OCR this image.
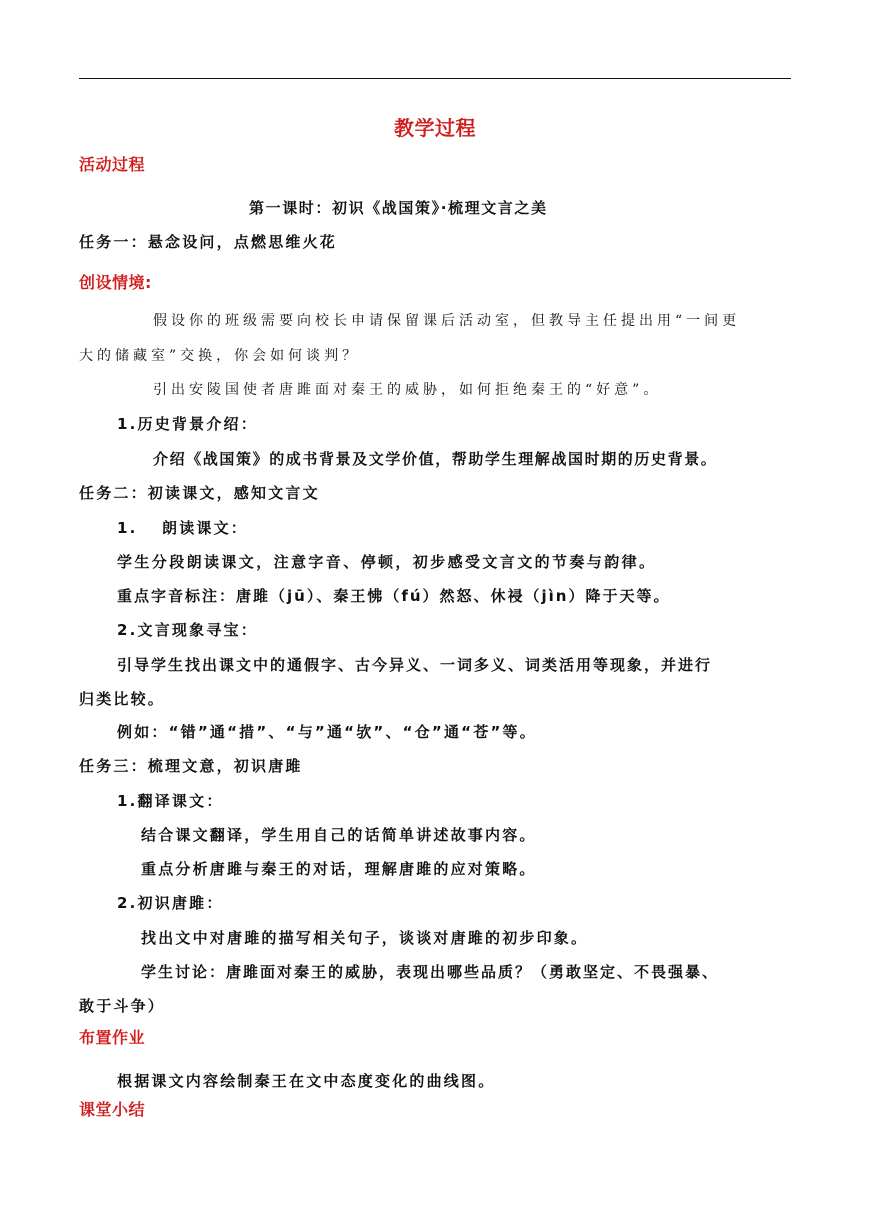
教学过程
活动过程
第一课时：初识《战国策》·梳理文言之美
任务一：悬念设问，点燃思维火花
创设情境:
假设你的班级需要向校长申请保留课后活动室，但教导主任提出用“一间更
大的储藏室”交换，你会如何谈判？
引出安陵国使者唐雎面对秦王的威胁，如何拒绝秦王的“好意”。
1.历史背景介绍：
介绍《战国策》的成书背景及文学价值，帮助学生理解战国时期的历史背景。
任务二：初读课文，感知文言文
1. 朗读课文：
学生分段朗读课文，注意字音、停顿，初步感受文言文的节奏与韵律。
重点字音标注：唐雎（jū）、秦王怫（fú）然怒、休祲（jìn）降于天等。
2.文言现象寻宝：
引导学生找出课文中的通假字、古今异义、一词多义、词类活用等现象，并进行
归类比较。
例如：“错”通“措”、“与”通“欤”、“仓”通“苍”等。
任务三：梳理文意，初识唐雎
1.翻译课文：
结合课文翻译，学生用自己的话简单讲述故事内容。
重点分析唐雎与秦王的对话，理解唐雎的应对策略。
2.初识唐雎：
找出文中对唐雎的描写相关句子，谈谈对唐雎的初步印象。
学生讨论：唐雎面对秦王的威胁，表现出哪些品质？（勇敢坚定、不畏强暴、
敢于斗争）
布置作业
根据课文内容绘制秦王在文中态度变化的曲线图。
课堂小结
